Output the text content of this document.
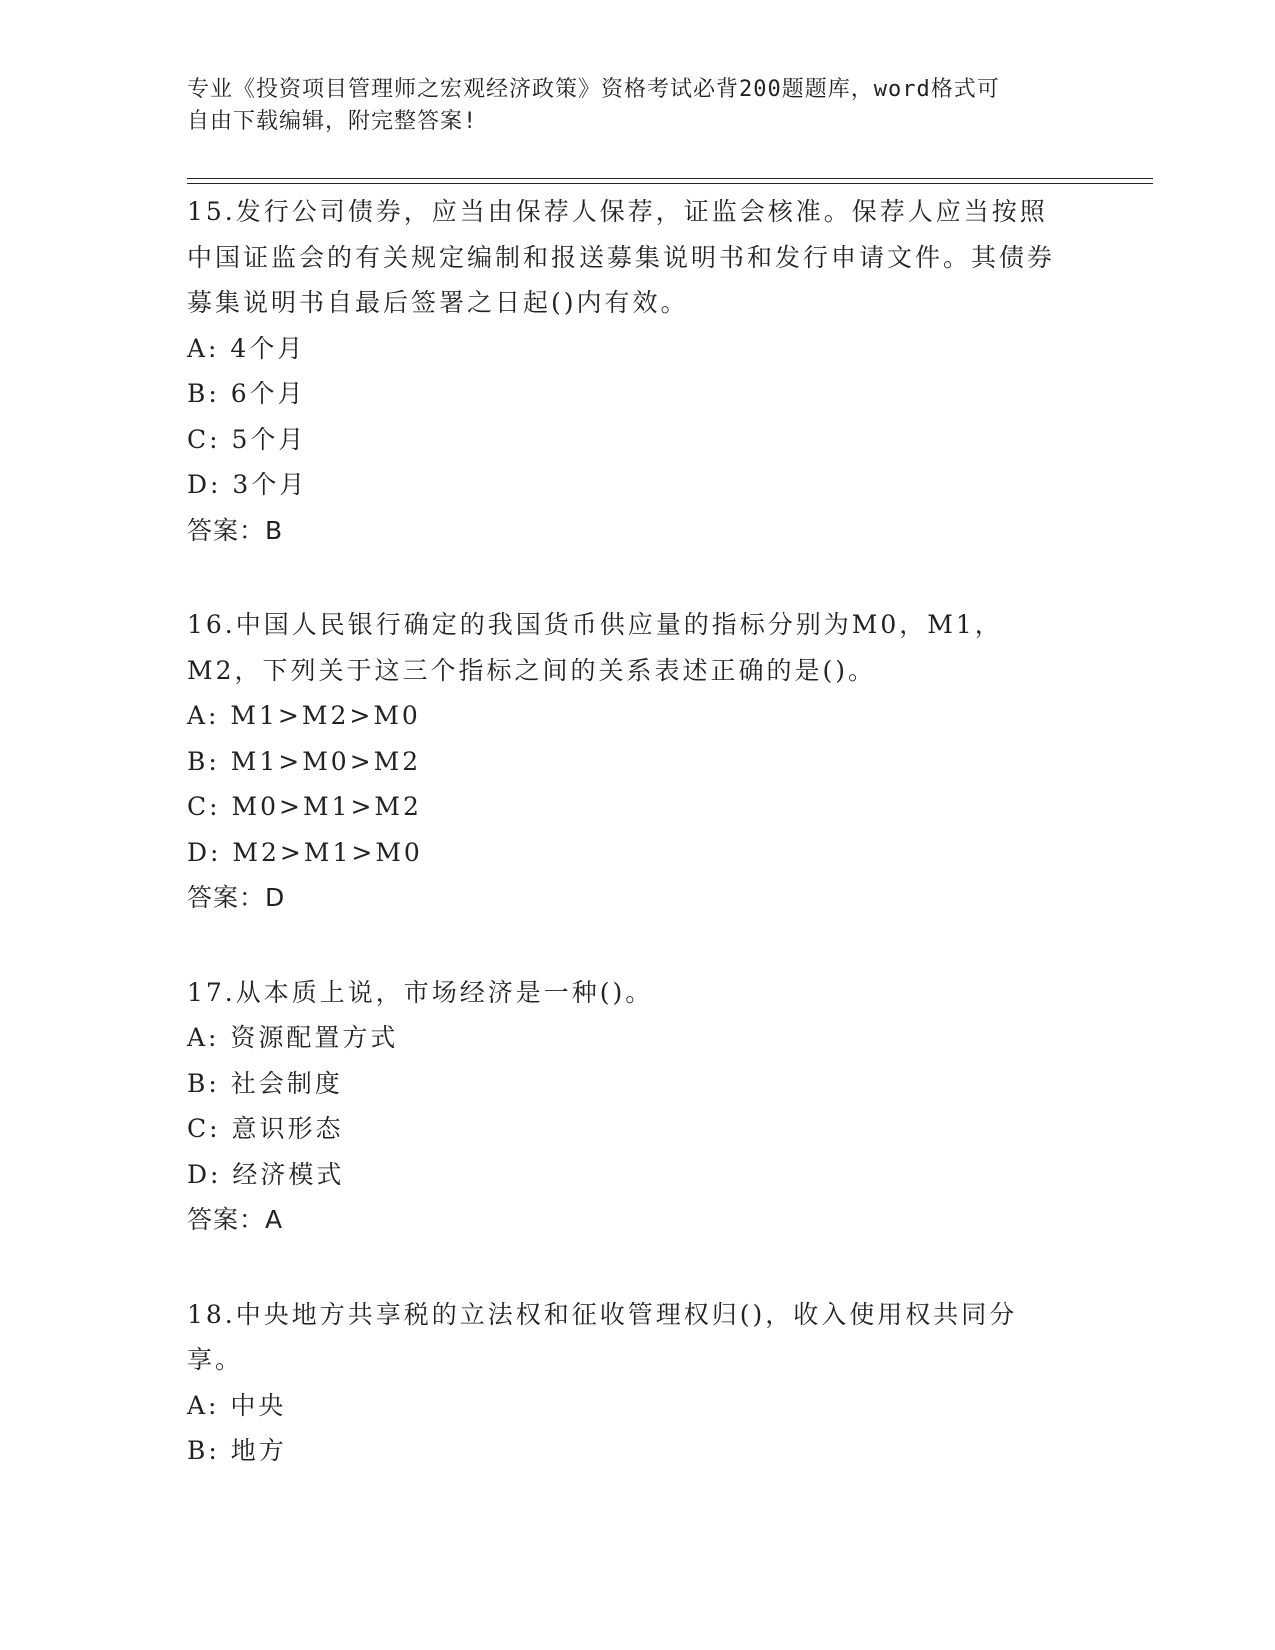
专业《投资项目管理师之宏观经济政策》资格考试必背200题题库，word格式可
自由下载编辑，附完整答案!
15.发行公司债券，应当由保荐人保荐，证监会核准。保荐人应当按照中国证监会的有关规定编制和报送募集说明书和发行申请文件。其债券募集说明书自最后签署之日起()内有效。
A: 4个月
B: 6个月
C: 5个月
D: 3个月
答案：B
16.中国人民银行确定的我国货币供应量的指标分别为M0，M1，M2，下列关于这三个指标之间的关系表述正确的是()。
A: M1>M2>M0
B: M1>M0>M2
C: M0>M1>M2
D: M2>M1>M0
答案：D
17.从本质上说，市场经济是一种()。
A: 资源配置方式
B: 社会制度
C: 意识形态
D: 经济模式
答案：A
18.中央地方共享税的立法权和征收管理权归()，收入使用权共同分享。
A: 中央
B: 地方
